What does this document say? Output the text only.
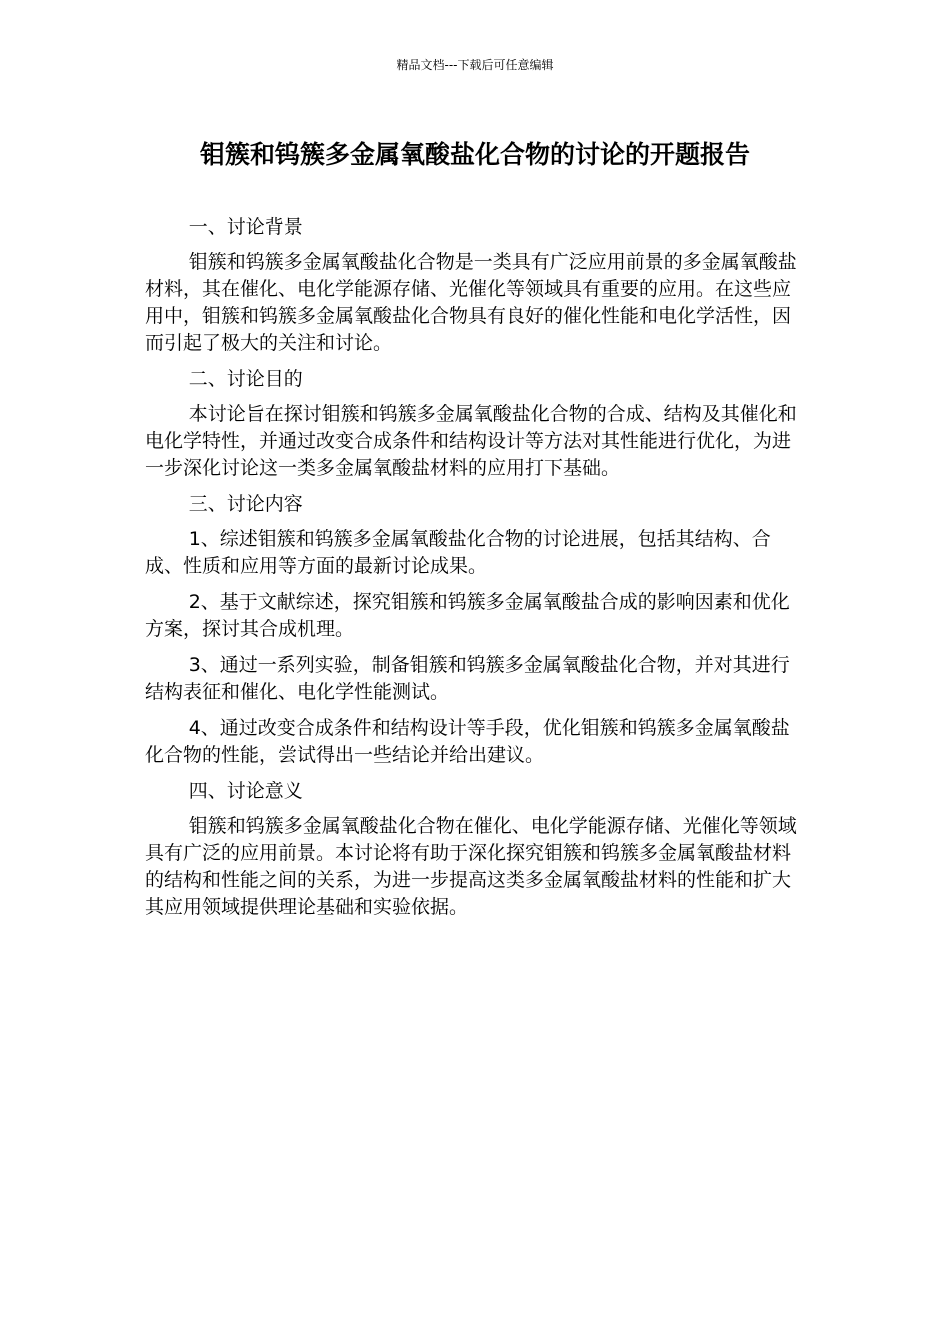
精品文档---下载后可任意编辑
钼簇和钨簇多金属氧酸盐化合物的讨论的开题报告

一、讨论背景

钼簇和钨簇多金属氧酸盐化合物是一类具有广泛应用前景的多金属氧酸盐材料，其在催化、电化学能源存储、光催化等领域具有重要的应用。在这些应用中，钼簇和钨簇多金属氧酸盐化合物具有良好的催化性能和电化学活性，因而引起了极大的关注和讨论。

二、讨论目的

本讨论旨在探讨钼簇和钨簇多金属氧酸盐化合物的合成、结构及其催化和电化学特性，并通过改变合成条件和结构设计等方法对其性能进行优化，为进一步深化讨论这一类多金属氧酸盐材料的应用打下基础。

三、讨论内容

1、综述钼簇和钨簇多金属氧酸盐化合物的讨论进展，包括其结构、合成、性质和应用等方面的最新讨论成果。

2、基于文献综述，探究钼簇和钨簇多金属氧酸盐合成的影响因素和优化方案，探讨其合成机理。

3、通过一系列实验，制备钼簇和钨簇多金属氧酸盐化合物，并对其进行结构表征和催化、电化学性能测试。

4、通过改变合成条件和结构设计等手段，优化钼簇和钨簇多金属氧酸盐化合物的性能，尝试得出一些结论并给出建议。

四、讨论意义

钼簇和钨簇多金属氧酸盐化合物在催化、电化学能源存储、光催化等领域具有广泛的应用前景。本讨论将有助于深化探究钼簇和钨簇多金属氧酸盐材料的结构和性能之间的关系，为进一步提高这类多金属氧酸盐材料的性能和扩大其应用领域提供理论基础和实验依据。
